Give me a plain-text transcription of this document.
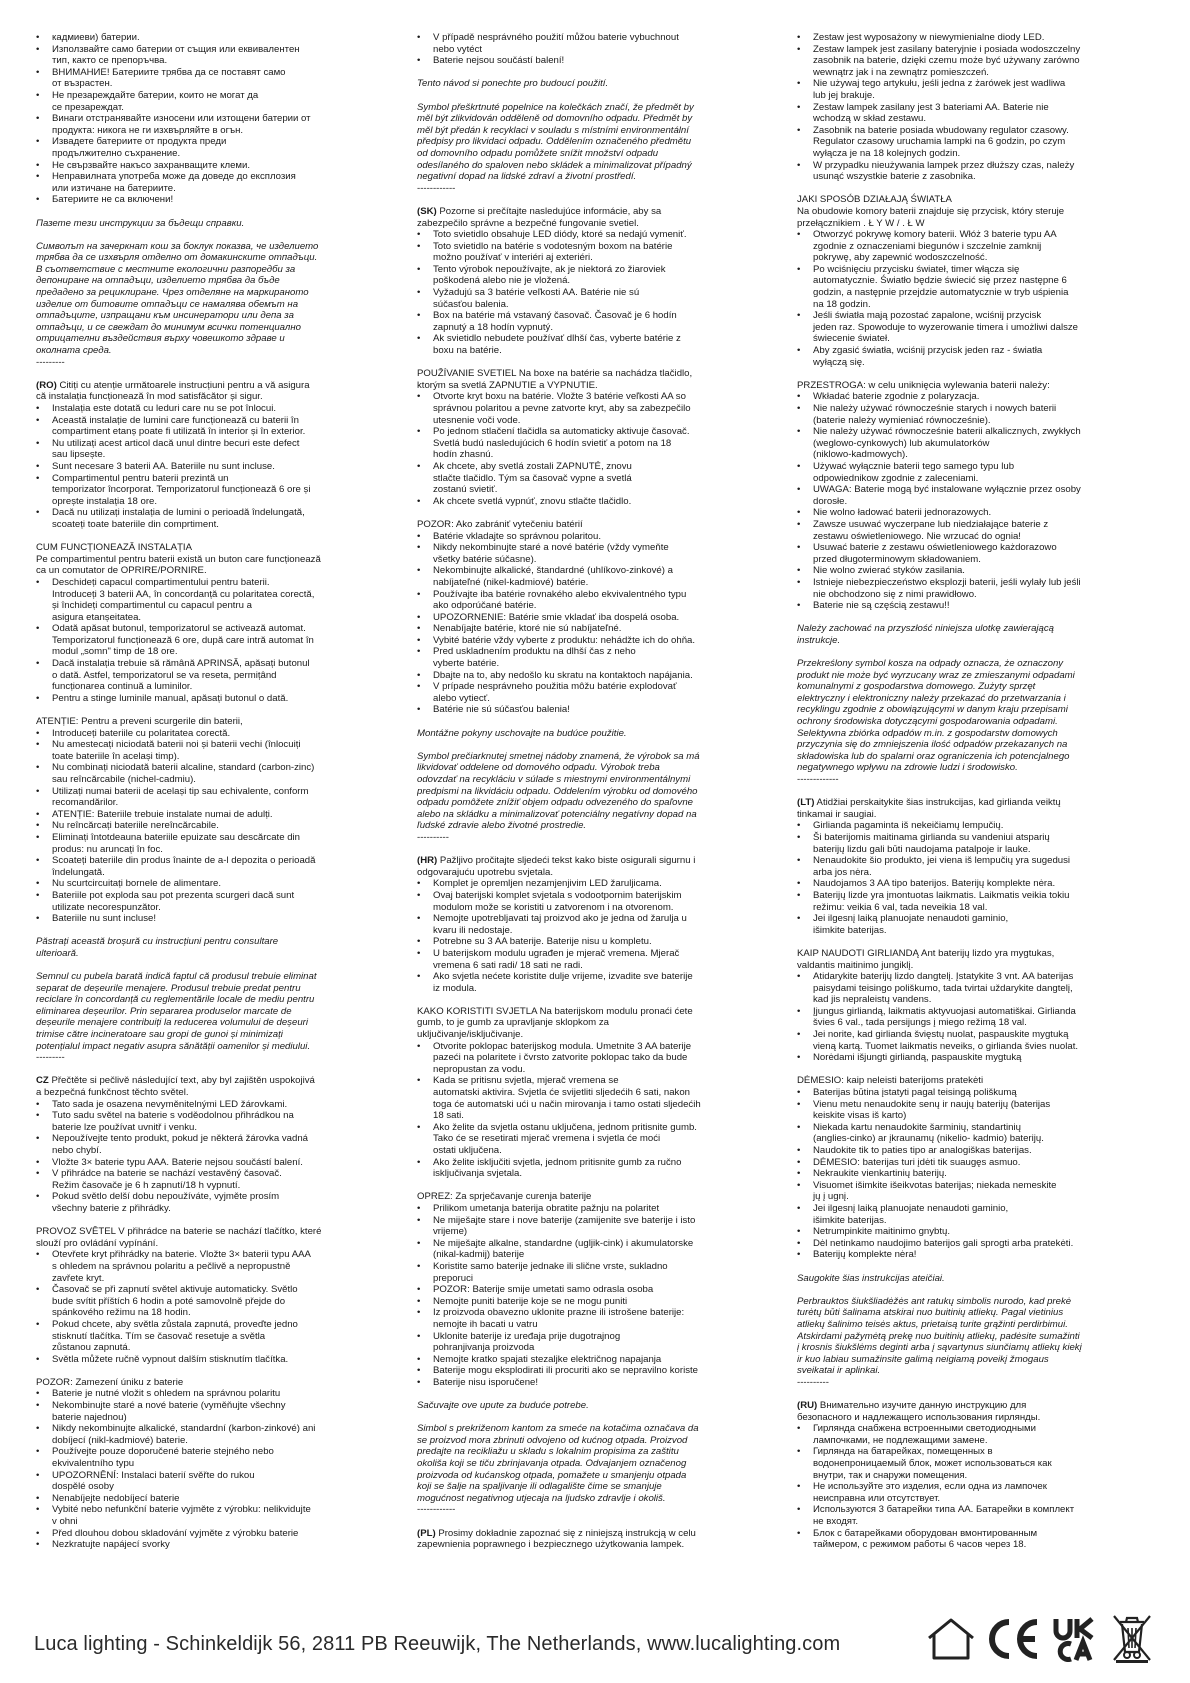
• кадмиеви) батерии.
• Използвайте само батерии от същия или еквивалентен
тип, както се препоръчва.
• ВНИМАНИЕ! Батериите трябва да се поставят само
от възрастен.
• Не презареждайте батерии, които не могат да
се презареждат.
• Винаги отстранявайте износени или изтощени батерии от
продукта: никога не ги изхвърляйте в огън.
• Извадете батериите от продукта преди
продължително съхранение.
• Не свързвайте накъсо захранващите клеми.
• Неправилната употреба може да доведе до експлозия
или изтичане на батериите.
• Батериите не са включени!
Пазете тези инструкции за бъдещи справки.
Символът на зачеркнат кош за боклук показва, че изделието
трябва да се изхвърля отделно от домакинските отпадъци.
В съответствие с местните екологични разпоредби за
депониране на отпадъци, изделието трябва да бъде
предадено за рециклиране. Чрез отделяне на маркираното
изделие от битовите отпадъци се намалява обемът на
отпадъците, изпращани към инсинератори или депа за
отпадъци, и се свеждат до минимум всички потенциално
отрицателни въздействия върху човешкото здраве и
околната среда.
---------
(RO) Citiți cu atenție următoarele instrucțiuni pentru a vă asigura
că instalația funcționează în mod satisfăcător și sigur.
• Instalația este dotată cu leduri care nu se pot înlocui.
• Această instalație de lumini care funcționează cu baterii în
compartiment etanș poate fi utilizată în interior și în exterior.
• Nu utilizați acest articol dacă unul dintre becuri este defect
sau lipsește.
• Sunt necesare 3 baterii AA. Bateriile nu sunt incluse.
• Compartimentul pentru baterii prezintă un
temporizator încorporat. Temporizatorul funcționează 6 ore și
oprește instalația 18 ore.
• Dacă nu utilizați instalația de lumini o perioadă îndelungată,
scoateți toate bateriile din comprtiment.
CUM FUNCȚIONEAZĂ INSTALAȚIA
Pe compartimentul pentru baterii există un buton care funcționează
ca un comutator de OPRIRE/PORNIRE.
• Deschideți capacul compartimentului pentru baterii.
Introduceți 3 baterii AA, în concordanță cu polaritatea corectă,
și închideți compartimentul cu capacul pentru a
asigura etanșeitatea.
• Odată apăsat butonul, temporizatorul se activează automat.
Temporizatorul funcționează 6 ore, după care intră automat în
modul „somn" timp de 18 ore.
• Dacă instalația trebuie să rămână APRINSĂ, apăsați butonul
o dată. Astfel, temporizatorul se va reseta, permițând
funcționarea continuă a luminilor.
• Pentru a stinge luminile manual, apăsați butonul o dată.
ATENȚIE: Pentru a preveni scurgerile din baterii,
• Introduceți bateriile cu polaritatea corectă.
• Nu amestecați niciodată baterii noi și baterii vechi (înlocuiți
toate bateriile în același timp).
• Nu combinați niciodată baterii alcaline, standard (carbon-zinc)
sau reîncărcabile (nichel-cadmiu).
• Utilizați numai baterii de același tip sau echivalente, conform
recomandărilor.
• ATENȚIE: Bateriile trebuie instalate numai de adulți.
• Nu reîncărcați bateriile nereîncărcabile.
• Eliminați întotdeauna bateriile epuizate sau descărcate din
produs: nu aruncați în foc.
• Scoateți bateriile din produs înainte de a-l depozita o perioadă
îndelungată.
• Nu scurtcircuitați bornele de alimentare.
• Bateriile pot exploda sau pot prezenta scurgeri dacă sunt
utilizate necorespunzător.
• Bateriile nu sunt incluse!
Păstrați această broșură cu instrucțiuni pentru consultare
ulterioară.
Semnul cu pubela barată indică faptul că produsul trebuie eliminat
separat de deșeurile menajere. Produsul trebuie predat pentru
reciclare în concordanță cu reglementările locale de mediu pentru
eliminarea deșeurilor. Prin separarea produselor marcate de
deșeurile menajere contribuiți la reducerea volumului de deșeuri
trimise către incineratoare sau gropi de gunoi și minimizați
potențialul impact negativ asupra sănătății oamenilor și mediului.
---------
CZ Přečtěte si pečlivě následující text, aby byl zajištěn uspokojivá
a bezpečná funkčnost těchto světel.
• Tato sada je osazena nevyměnitelnými LED žárovkami.
• Tuto sadu světel na baterie s voděodolnou přihrádkou na
baterie lze používat uvnitř i venku.
• Nepoužívejte tento produkt, pokud je některá žárovka vadná
nebo chybí.
• Vložte 3× baterie typu AAA. Baterie nejsou součástí balení.
• V přihrádce na baterie se nachází vestavěný časovač.
Režim časovače je 6 h zapnutí/18 h vypnutí.
• Pokud světlo delší dobu nepoužíváte, vyjměte prosím
všechny baterie z přihrádky.
PROVOZ SVĚTEL V přihrádce na baterie se nachází tlačítko, které
slouží pro ovládání vypínání.
• Otevřete kryt přihrádky na baterie. Vložte 3× baterii typu AAA
s ohledem na správnou polaritu a pečlivě a nepropustně
zavřete kryt.
• Časovač se při zapnutí světel aktivuje automaticky. Světlo
bude svítit příštích 6 hodin a poté samovolně přejde do
spánkového režimu na 18 hodin.
• Pokud chcete, aby světla zůstala zapnutá, proveďte jedno
stisknutí tlačítka. Tím se časovač resetuje a světla
zůstanou zapnutá.
• Světla můžete ručně vypnout dalším stisknutím tlačítka.
POZOR: Zamezení úniku z baterie
• Baterie je nutné vložit s ohledem na správnou polaritu
• Nekombinujte staré a nové baterie (vyměňujte všechny
baterie najednou)
• Nikdy nekombinujte alkalické, standardní (karbon-zinkové) ani
dobíjecí (nikl-kadmiové) baterie.
• Používejte pouze doporučené baterie stejného nebo
ekvivalentního typu
• UPOZORNĚNÍ: Instalaci baterií svěřte do rukou
dospělé osoby
• Nenabíjejte nedobíjecí baterie
• Vybité nebo nefunkční baterie vyjměte z výrobku: nelikvidujte
v ohni
• Před dlouhou dobou skladování vyjměte z výrobku baterie
• Nezkratujte napájecí svorky
• V případě nesprávného použití můžou baterie vybuchnout
nebo vytéct
• Baterie nejsou součástí balení!
Tento návod si ponechte pro budoucí použití.
Symbol přeškrtnuté popelnice na kolečkách značí, že předmět by
měl být zlikvidován odděleně od domovního odpadu. Předmět by
měl být předán k recyklaci v souladu s místními environmentální
předpisy pro likvidaci odpadu. Oddělením označeného předmětu
od domovního odpadu pomůžete snížit množství odpadu
odesílaného do spaloven nebo skládek a minimalizovat případný
negativní dopad na lidské zdraví a životní prostředí.
------------
(SK) Pozorne si prečítajte nasledujúce informácie, aby sa
zabezpečilo správne a bezpečné fungovanie svetiel.
• Toto svietidlo obsahuje LED diódy, ktoré sa nedajú vymeniť.
• Toto svietidlo na batérie s vodotesným boxom na batérie
možno používať v interiéri aj exteriéri.
• Tento výrobok nepoužívajte, ak je niektorá zo žiaroviek
poškodená alebo nie je vložená.
• Vyžadujú sa 3 batérie veľkosti AA. Batérie nie sú
súčasťou balenia.
• Box na batérie má vstavaný časovač. Časovač je 6 hodín
zapnutý a 18 hodín vypnutý.
• Ak svietidlo nebudete používať dlhší čas, vyberte batérie z
boxu na batérie.
POUŽÍVANIE SVETIEL Na boxe na batérie sa nachádza tlačidlo,
ktorým sa svetlá ZAPNUTIE a VYPNUTIE.
• Otvorte kryt boxu na batérie. Vložte 3 batérie veľkosti AA so
správnou polaritou a pevne zatvorte kryt, aby sa zabezpečilo
utesnenie voči vode.
• Po jednom stlačení tlačidla sa automaticky aktivuje časovač.
Svetlá budú nasledujúcich 6 hodín svietiť a potom na 18
hodín zhasnú.
• Ak chcete, aby svetlá zostali ZAPNUTÉ, znovu
stlačte tlačidlo. Tým sa časovač vypne a svetlá
zostanú svietiť.
• Ak chcete svetlá vypnúť, znovu stlačte tlačidlo.
POZOR: Ako zabrániť vytečeniu batérií
• Batérie vkladajte so správnou polaritou.
• Nikdy nekombinujte staré a nové batérie (vždy vymeňte
všetky batérie súčasne).
• Nekombinujte alkalické, štandardné (uhlíkovo-zinkové) a
nabíjateľné (nikel-kadmiové) batérie.
• Používajte iba batérie rovnakého alebo ekvivalentného typu
ako odporúčané batérie.
• UPOZORNENIE: Batérie smie vkladať iba dospelá osoba.
• Nenabíjajte batérie, ktoré nie sú nabíjateľné.
• Vybité batérie vždy vyberte z produktu: nehádžte ich do ohňa.
• Pred uskladnením produktu na dlhší čas z neho
vyberte batérie.
• Dbajte na to, aby nedošlo ku skratu na kontaktoch napájania.
• V prípade nesprávneho použitia môžu batérie explodovať
alebo vytiecť.
• Batérie nie sú súčasťou balenia!
Montážne pokyny uschovajte na budúce použitie.
Symbol prečiarknutej smetnej nádoby znamená, že výrobok sa má
likvidovať oddelene od domového odpadu. Výrobok treba
odovzdať na recykláciu v súlade s miestnymi environmentálnymi
predpismi na likvidáciu odpadu. Oddelením výrobku od domového
odpadu pomôžete znížiť objem odpadu odvezeného do spaľovne
alebo na skládku a minimalizovať potenciálny negatívny dopad na
ľudské zdravie alebo životné prostredie.
----------
(HR) Pažljivo pročitajte sljedeći tekst kako biste osigurali sigurnu i
odgovarajuću upotrebu svjetala.
• Komplet je opremljen nezamjenjivim LED žaruljicama.
• Ovaj baterijski komplet svjetala s vodootpornim baterijskim
modulom može se koristiti u zatvorenom i na otvorenom.
• Nemojte upotrebljavati taj proizvod ako je jedna od žarulja u
kvaru ili nedostaje.
• Potrebne su 3 AA baterije. Baterije nisu u kompletu.
• U baterijskom modulu ugrađen je mjerač vremena. Mjerač
vremena 6 sati radi/ 18 sati ne radi.
• Ako svjetla nećete koristite dulje vrijeme, izvadite sve baterije
iz modula.
KAKO KORISTITI SVJETLA Na baterijskom modulu pronaći ćete
gumb, to je gumb za upravljanje sklopkom za
uključivanje/isključivanje.
• Otvorite poklopac baterijskog modula. Umetnite 3 AA baterije
pazeći na polaritete i čvrsto zatvorite poklopac tako da bude
nepropustan za vodu.
• Kada se pritisnu svjetla, mjerač vremena se
automatski aktivira. Svjetla će svijetliti sljedećih 6 sati, nakon
toga će automatski ući u način mirovanja i tamo ostati sljedećih
18 sati.
• Ako želite da svjetla ostanu uključena, jednom pritisnite gumb.
Tako će se resetirati mjerač vremena i svjetla će moći
ostati uključena.
• Ako želite isključiti svjetla, jednom pritisnite gumb za ručno
isključivanja svjetala.
OPREZ: Za sprječavanje curenja baterije
• Prilikom umetanja baterija obratite pažnju na polaritet
• Ne miješajte stare i nove baterije (zamijenite sve baterije i isto
vrijeme)
• Ne miješajte alkalne, standardne (ugljik-cink) i akumulatorske
(nikal-kadmij) baterije
• Koristite samo baterije jednake ili slične vrste, sukladno
preporuci
• POZOR: Baterije smije umetati samo odrasla osoba
• Nemojte puniti baterije koje se ne mogu puniti
• Iz proizvoda obavezno uklonite prazne ili istrošene baterije:
nemojte ih bacati u vatru
• Uklonite baterije iz uređaja prije dugotrajnog
pohranjivanja proizvoda
• Nemojte kratko spajati stezaljke električnog napajanja
• Baterije mogu eksplodirati ili procuriti ako se nepravilno koriste
• Baterije nisu isporučene!
Sačuvajte ove upute za buduće potrebe.
Simbol s prekriženom kantom za smeće na kotačima označava da
se proizvod mora zbrinuti odvojeno od kućnog otpada. Proizvod
predajte na recikliažu u skladu s lokalnim propisima za zaštitu
okoliša koji se tiču zbrinjavanja otpada. Odvajanjem označenog
proizvoda od kućanskog otpada, pomažete u smanjenju otpada
koji se šalje na spaljivanje ili odlagalište čime se smanjuje
mogućnost negativnog utjecaja na ljudsko zdravlje i okoliš.
------------
(PL) Prosimy dokładnie zapoznać się z niniejszą instrukcją w celu
zapewnienia poprawnego i bezpiecznego użytkowania lampek.
• Zestaw jest wyposażony w niewymienialne diody LED.
• Zestaw lampek jest zasilany bateryjnie i posiada wodoszczelny
zasobnik na baterie, dzięki czemu może być używany zarówno
wewnątrz jak i na zewnątrz pomieszczeń.
• Nie używaj tego artykułu, jeśli jedna z żarówek jest wadliwa
lub jej brakuje.
• Zestaw lampek zasilany jest 3 bateriami AA. Baterie nie
wchodzą w skład zestawu.
• Zasobnik na baterie posiada wbudowany regulator czasowy.
Regulator czasowy uruchamia lampki na 6 godzin, po czym
wyłącza je na 18 kolejnych godzin.
• W przypadku nieużywania lampek przez dłuższy czas, należy
usunąć wszystkie baterie z zasobnika.
JAKI SPOSÓB DZIAŁAJĄ ŚWIATŁA
Na obudowie komory baterii znajduje się przycisk, który steruje
przełącznikiem . Ł Y W / . Ł W
• Otworzyć pokrywę komory baterii. Włóż 3 baterie typu AA
zgodnie z oznaczeniami biegunów i szczelnie zamknij
pokrywę, aby zapewnić wodoszczelność.
• Po wciśnięciu przycisku świateł, timer włącza się
automatycznie. Światło będzie świecić się przez następne 6
godzin, a następnie przejdzie automatycznie w tryb uśpienia
na 18 godzin.
• Jeśli światła mają pozostać zapalone, wciśnij przycisk
jeden raz. Spowoduje to wyzerowanie timera i umożliwi dalsze
świecenie świateł.
• Aby zgasić światła, wciśnij przycisk jeden raz - światła
wyłączą się.
PRZESTROGA: w celu uniknięcia wylewania baterii należy:
• Wkładać baterie zgodnie z polaryzacja.
• Nie należy używać równocześnie starych i nowych baterii
(baterie należy wymieniać równocześnie).
• Nie należy używać równocześnie baterii alkalicznych, zwykłych
(weglowo-cynkowych) lub akumulatorków
(niklowo-kadmowych).
• Używać wyłącznie baterii tego samego typu lub
odpowiednikow zgodnie z zaleceniami.
• UWAGA: Baterie mogą być instalowane wyłącznie przez osoby
dorosłe.
• Nie wolno ładować baterii jednorazowych.
• Zawsze usuwać wyczerpane lub niedziałające baterie z
zestawu oświetleniowego. Nie wrzucać do ognia!
• Usuwać baterie z zestawu oświetleniowego każdorazowo
przed długoterminowym składowaniem.
• Nie wolno zwierać styków zasilania.
• Istnieje niebezpieczeństwo eksplozji baterii, jeśli wylały lub jeśli
nie obchodzono się z nimi prawidłowo.
• Baterie nie są częścią zestawu!!
Należy zachować na przyszłość niniejsza ulotkę zawierającą
instrukcje.
Przekreślony symbol kosza na odpady oznacza, że oznaczony
produkt nie może być wyrzucany wraz ze zmieszanymi odpadami
komunalnymi z gospodarstwa domowego. Zużyty sprzęt
elektryczny i elektroniczny należy przekazać do przetwarzania i
recyklingu zgodnie z obowiązującymi w danym kraju przepisami
ochrony środowiska dotyczącymi gospodarowania odpadami.
Selektywna zbiórka odpadów m.in. z gospodarstw domowych
przyczynia się do zmniejszenia ilość odpadów przekazanych na
składowiska lub do spalarni oraz ograniczenia ich potencjalnego
negatywnego wpływu na zdrowie ludzi i środowisko.
-------------
(LT) Atidžiai perskaitykite šias instrukcijas, kad girlianda veiktų
tinkamai ir saugiai.
• Girlianda pagaminta iš nekeičiamų lempučių.
• Ši baterijomis maitinama girlianda su vandeniui atsparių
baterijų lizdu gali būti naudojama patalpoje ir lauke.
• Nenaudokite šio produkto, jei viena iš lempučių yra sugedusi
arba jos nėra.
• Naudojamos 3 AA tipo baterijos. Baterijų komplekte nėra.
• Baterijų lizde yra įmontuotas laikmatis. Laikmatis veikia tokiu
režimu: veikia 6 val, tada neveikia 18 val.
• Jei ilgesnį laiką planuojate nenaudoti gaminio,
išimkite baterijas.
KAIP NAUDOTI GIRLIANDĄ Ant baterijų lizdo yra mygtukas,
valdantis maitinimo jungiklį.
• Atidarykite baterijų lizdo dangtelį. Įstatykite 3 vnt. AA baterijas
paisydami teisingo poliškumo, tada tvirtai uždarykite dangtelį,
kad jis nepraleistų vandens.
• Įjungus girliandą, laikmatis aktyvuojasi automatiškai. Girlianda
švies 6 val., tada persijungs į miego režimą 18 val.
• Jei norite, kad girlianda švięstų nuolat, paspauskite mygtuką
vieną kartą. Tuomet laikmatis neveiks, o girlianda švies nuolat.
• Norėdami išjungti girliandą, paspauskite mygtuką
DĖMESIO: kaip neleisti baterijoms pratekėti
• Baterijas būtina įstatyti pagal teisingą poliškumą
• Vienu metu nenaudokite senų ir naujų baterijų (baterijas
keiskite visas iš karto)
• Niekada kartu nenaudokite šarminių, standartinių
(anglies-cinko) ar įkraunamų (nikelio- kadmio) baterijų.
• Naudokite tik to paties tipo ar analogiškas baterijas.
• DĖMESIO: baterijas turi įdėti tik suaugęs asmuo.
• Nekraukite vienkartinių baterijų.
• Visuomet išimkite išeikvotas baterijas; niekada nemeskite
jų į ugnį.
• Jei ilgesnį laiką planuojate nenaudoti gaminio,
išimkite baterijas.
• Netrumpinkite maitinimo gnybtų.
• Dėl netinkamo naudojimo baterijos gali sprogti arba pratekėti.
• Baterijų komplekte nėra!
Saugokite šias instrukcijas ateičiai.
Perbrauktos šiukšliadėžės ant ratukų simbolis nurodo, kad prekė
turėtų būti šalinama atskirai nuo buitinių atliekų. Pagal vietinius
atliekų šalinimo teisės aktus, prietaisą turite grąžinti perdirbimui.
Atskirdami pažymėtą prekę nuo buitinių atliekų, padėsite sumažinti
į krosnis šiukšlėms deginti arba į sąvartynus siunčiamų atliekų kiekį
ir kuo labiau sumažinsite galimą neigiamą poveikį žmogaus
sveikatai ir aplinkai.
----------
(RU) Внимательно изучите данную инструкцию для
безопасного и надлежащего использования гирлянды.
• Гирлянда снабжена встроенными светодиодными
лампочками, не подлежащими замене.
• Гирлянда на батарейках, помещенных в
водонепроницаемый блок, может использоваться как
внутри, так и снаружи помещения.
• Не используйте это изделия, если одна из лампочек
неисправна или отсутствует.
• Используются 3 батарейки типа АА. Батарейки в комплект
не входят.
• Блок с батарейками оборудован вмонтированным
таймером, с режимом работы 6 часов через 18.
Luca lighting - Schinkeldijk 56, 2811 PB Reeuwijk, The Netherlands, www.lucalighting.com
